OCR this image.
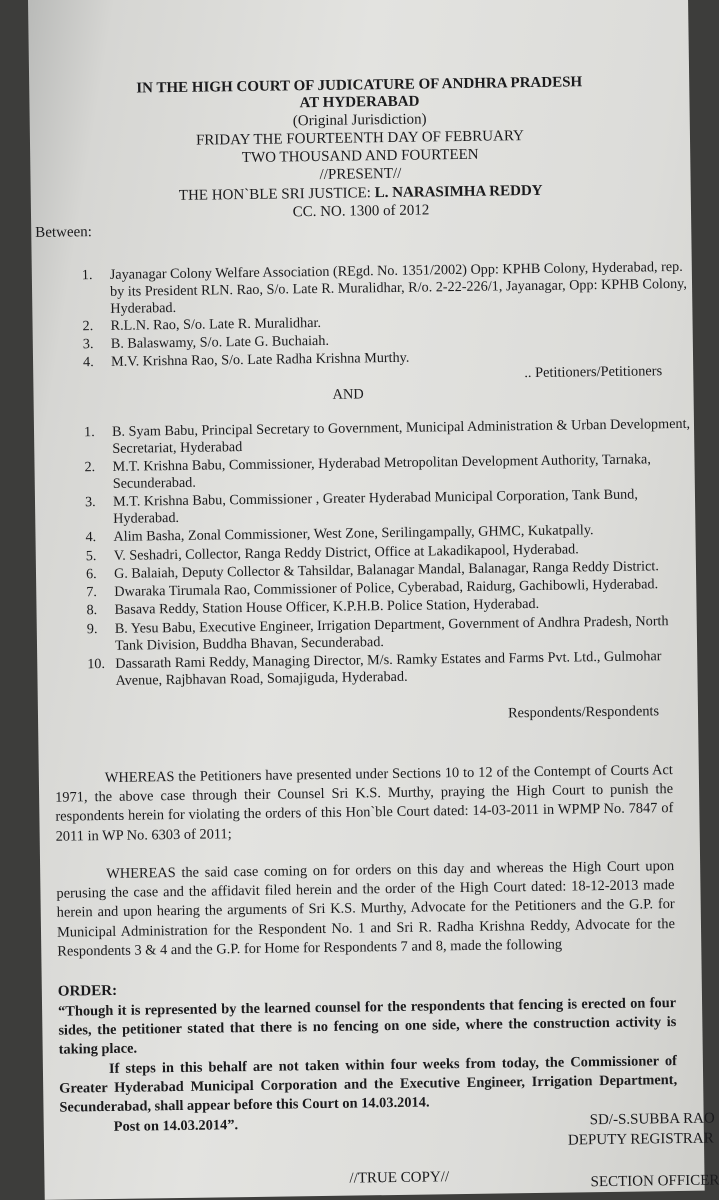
IN THE HIGH COURT OF JUDICATURE OF ANDHRA PRADESH
AT HYDERABAD
(Original Jurisdiction)
FRIDAY THE FOURTEENTH DAY OF FEBRUARY
TWO THOUSAND AND FOURTEEN
//PRESENT//
THE HON`BLE SRI JUSTICE: L. NARASIMHA REDDY
CC. NO. 1300 of 2012
Between:
1. Jayanagar Colony Welfare Association (REgd. No. 1351/2002) Opp: KPHB Colony, Hyderabad, rep. by its President RLN. Rao, S/o. Late R. Muralidhar, R/o. 2-22-226/1, Jayanagar, Opp: KPHB Colony, Hyderabad.
2. R.L.N. Rao, S/o. Late R. Muralidhar.
3. B. Balaswamy, S/o. Late G. Buchaiah.
4. M.V. Krishna Rao, S/o. Late Radha Krishna Murthy.
.. Petitioners/Petitioners
AND
1. B. Syam Babu, Principal Secretary to Government, Municipal Administration & Urban Development, Secretariat, Hyderabad
2. M.T. Krishna Babu, Commissioner, Hyderabad Metropolitan Development Authority, Tarnaka, Secunderabad.
3. M.T. Krishna Babu, Commissioner , Greater Hyderabad Municipal Corporation, Tank Bund, Hyderabad.
4. Alim Basha, Zonal Commissioner, West Zone, Serilingampally, GHMC, Kukatpally.
5. V. Seshadri, Collector, Ranga Reddy District, Office at Lakadikapool, Hyderabad.
6. G. Balaiah, Deputy Collector & Tahsildar, Balanagar Mandal, Balanagar, Ranga Reddy District.
7. Dwaraka Tirumala Rao, Commissioner of Police, Cyberabad, Raidurg, Gachibowli, Hyderabad.
8. Basava Reddy, Station House Officer, K.P.H.B. Police Station, Hyderabad.
9. B. Yesu Babu, Executive Engineer, Irrigation Department, Government of Andhra Pradesh, North Tank Division, Buddha Bhavan, Secunderabad.
10. Dassarath Rami Reddy, Managing Director, M/s. Ramky Estates and Farms Pvt. Ltd., Gulmohar Avenue, Rajbhavan Road, Somajiguda, Hyderabad.
Respondents/Respondents
WHEREAS the Petitioners have presented under Sections 10 to 12 of the Contempt of Courts Act 1971, the above case through their Counsel Sri K.S. Murthy, praying the High Court to punish the respondents herein for violating the orders of this Hon`ble Court dated: 14-03-2011 in WPMP No. 7847 of 2011 in WP No. 6303 of 2011;
WHEREAS the said case coming on for orders on this day and whereas the High Court upon perusing the case and the affidavit filed herein and the order of the High Court dated: 18-12-2013 made herein and upon hearing the arguments of Sri K.S. Murthy, Advocate for the Petitioners and the G.P. for Municipal Administration for the Respondent No. 1 and Sri R. Radha Krishna Reddy, Advocate for the Respondents 3 & 4 and the G.P. for Home for Respondents 7 and 8, made the following
ORDER:
“Though it is represented by the learned counsel for the respondents that fencing is erected on four sides, the petitioner stated that there is no fencing on one side, where the construction activity is taking place.
If steps in this behalf are not taken within four weeks from today, the Commissioner of Greater Hyderabad Municipal Corporation and the Executive Engineer, Irrigation Department, Secunderabad, shall appear before this Court on 14.03.2014.
Post on 14.03.2014”.	SD/-S.SUBBA RAO
DEPUTY REGISTRAR
//TRUE COPY//	SECTION OFFICER
